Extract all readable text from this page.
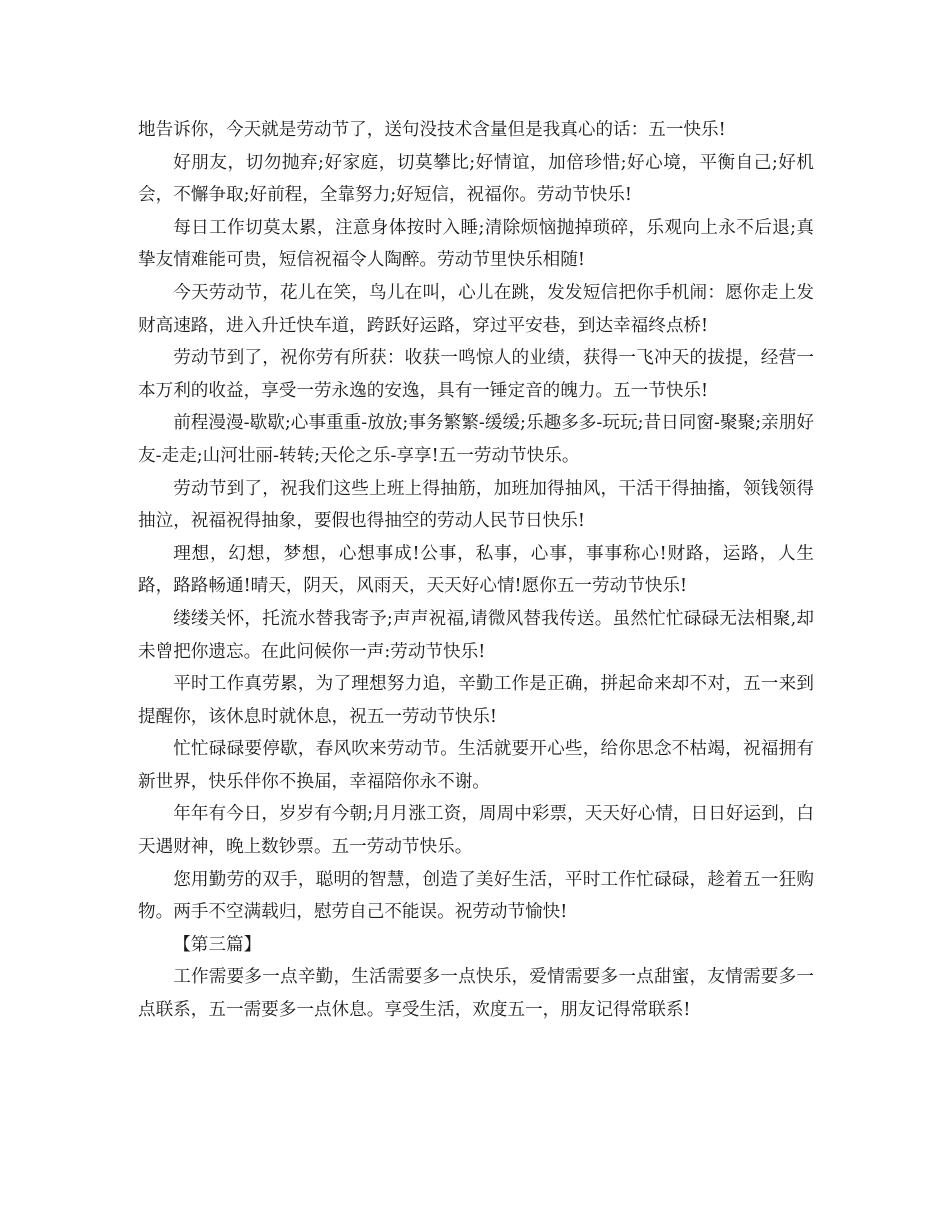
地告诉你，今天就是劳动节了，送句没技术含量但是我真心的话：五一快乐!

好朋友，切勿抛弃;好家庭，切莫攀比;好情谊，加倍珍惜;好心境，平衡自己;好机会，不懈争取;好前程，全靠努力;好短信，祝福你。劳动节快乐!

每日工作切莫太累，注意身体按时入睡;清除烦恼抛掉琐碎，乐观向上永不后退;真挚友情难能可贵，短信祝福令人陶醉。劳动节里快乐相随!

今天劳动节，花儿在笑，鸟儿在叫，心儿在跳，发发短信把你手机闹：愿你走上发财高速路，进入升迁快车道，跨跃好运路，穿过平安巷，到达幸福终点桥!

劳动节到了，祝你劳有所获：收获一鸣惊人的业绩，获得一飞冲天的拔提，经营一本万利的收益，享受一劳永逸的安逸，具有一锤定音的魄力。五一节快乐!

前程漫漫-歇歇;心事重重-放放;事务繁繁-缓缓;乐趣多多-玩玩;昔日同窗-聚聚;亲朋好友-走走;山河壮丽-转转;天伦之乐-享享!五一劳动节快乐。

劳动节到了，祝我们这些上班上得抽筋，加班加得抽风，干活干得抽搐，领钱领得抽泣，祝福祝得抽象，要假也得抽空的劳动人民节日快乐!

理想，幻想，梦想，心想事成!公事，私事，心事，事事称心!财路，运路，人生路，路路畅通!晴天，阴天，风雨天，天天好心情!愿你五一劳动节快乐!

缕缕关怀，托流水替我寄予;声声祝福,请微风替我传送。虽然忙忙碌碌无法相聚,却未曾把你遗忘。在此问候你一声:劳动节快乐!

平时工作真劳累，为了理想努力追，辛勤工作是正确，拼起命来却不对，五一来到提醒你，该休息时就休息，祝五一劳动节快乐!

忙忙碌碌要停歇，春风吹来劳动节。生活就要开心些，给你思念不枯竭，祝福拥有新世界，快乐伴你不换届，幸福陪你永不谢。

年年有今日，岁岁有今朝;月月涨工资，周周中彩票，天天好心情，日日好运到，白天遇财神，晚上数钞票。五一劳动节快乐。

您用勤劳的双手，聪明的智慧，创造了美好生活，平时工作忙碌碌，趁着五一狂购物。两手不空满载归，慰劳自己不能误。祝劳动节愉快!

【第三篇】

工作需要多一点辛勤，生活需要多一点快乐，爱情需要多一点甜蜜，友情需要多一点联系，五一需要多一点休息。享受生活，欢度五一，朋友记得常联系!
